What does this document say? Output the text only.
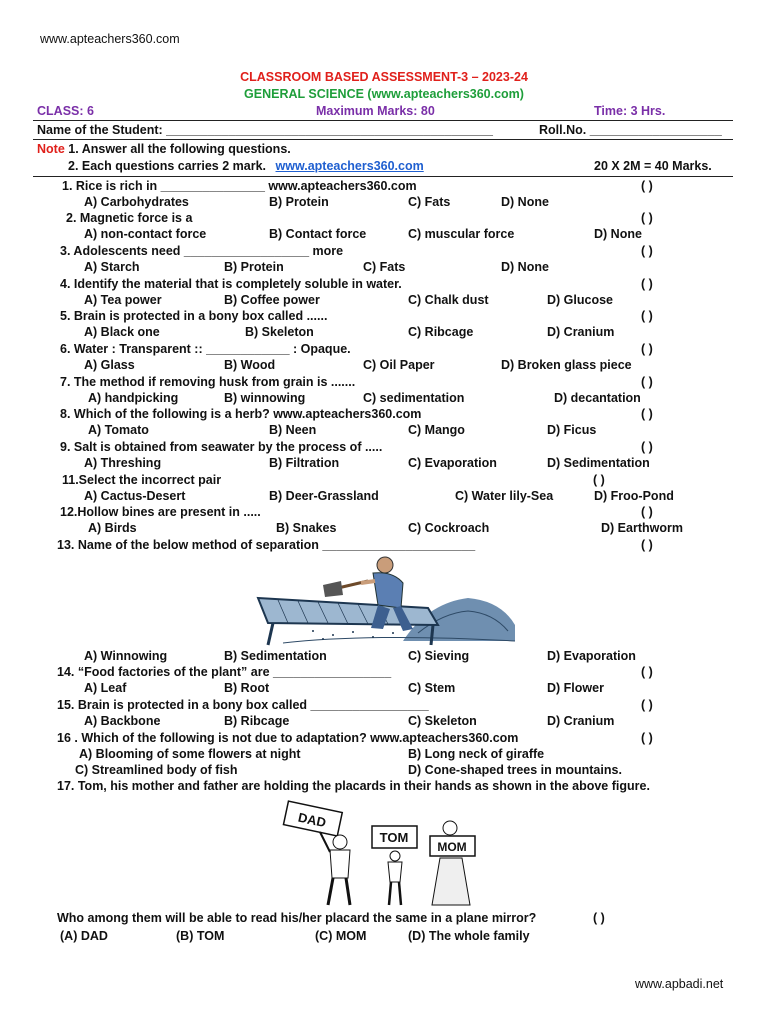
www.apteachers360.com
CLASSROOM BASED ASSESSMENT-3 – 2023-24
GENERAL SCIENCE (www.apteachers360.com)
CLASS: 6	Maximum Marks: 80	Time: 3 Hrs.
Name of the Student: _______________________________________________	Roll.No. ___________________
Note 1. Answer all the following questions.
2. Each questions carries 2 mark. www.apteachers360.com	20 X 2M = 40 Marks.
1. Rice is rich in _______________ www.apteachers360.com	( )
A) Carbohydrates	B) Protein	C) Fats	D) None
2. Magnetic force is a	( )
A) non-contact force	B) Contact force	C) muscular force	D) None
3. Adolescents need __________________ more	( )
A) Starch	B) Protein	C) Fats	D) None
4. Identify the material that is completely soluble in water.	( )
A) Tea power	B) Coffee power	C) Chalk dust	D) Glucose
5. Brain is protected in a bony box called ......	( )
A) Black one	B) Skeleton	C) Ribcage	D) Cranium
6. Water : Transparent :: ____________ : Opaque.	( )
A) Glass	B) Wood	C) Oil Paper	D) Broken glass piece
7. The method if removing husk from grain is .......	( )
A) handpicking	B) winnowing	C) sedimentation	D) decantation
8. Which of the following is a herb? www.apteachers360.com	( )
A) Tomato	B) Neen	C) Mango	D) Ficus
9. Salt is obtained from seawater by the process of .....	( )
A) Threshing	B) Filtration	C) Evaporation	D) Sedimentation
11.Select the incorrect pair	( )
A) Cactus-Desert	B) Deer-Grassland	C) Water lily-Sea	D) Froo-Pond
12.Hollow bines are present in .....	( )
A) Birds	B) Snakes	C) Cockroach	D) Earthworm
13. Name of the below method of separation ______________________	( )
A) Winnowing	B) Sedimentation	C) Sieving	D) Evaporation
14. “Food factories of the plant” are _________________	( )
A) Leaf	B) Root	C) Stem	D) Flower
15. Brain is protected in a bony box called _________________	( )
A) Backbone	B) Ribcage	C) Skeleton	D) Cranium
16 . Which of the following is not due to adaptation? www.apteachers360.com	( )
A) Blooming of some flowers at night	B) Long neck of giraffe
C) Streamlined body of fish	D) Cone-shaped trees in mountains.
17. Tom, his mother and father are holding the placards in their hands as shown in the above figure.
DAD
TOM
MOM
Who among them will be able to read his/her placard the same in a plane mirror?	( )
(A) DAD	(B) TOM	(C) MOM	(D) The whole family
www.apbadi.net
